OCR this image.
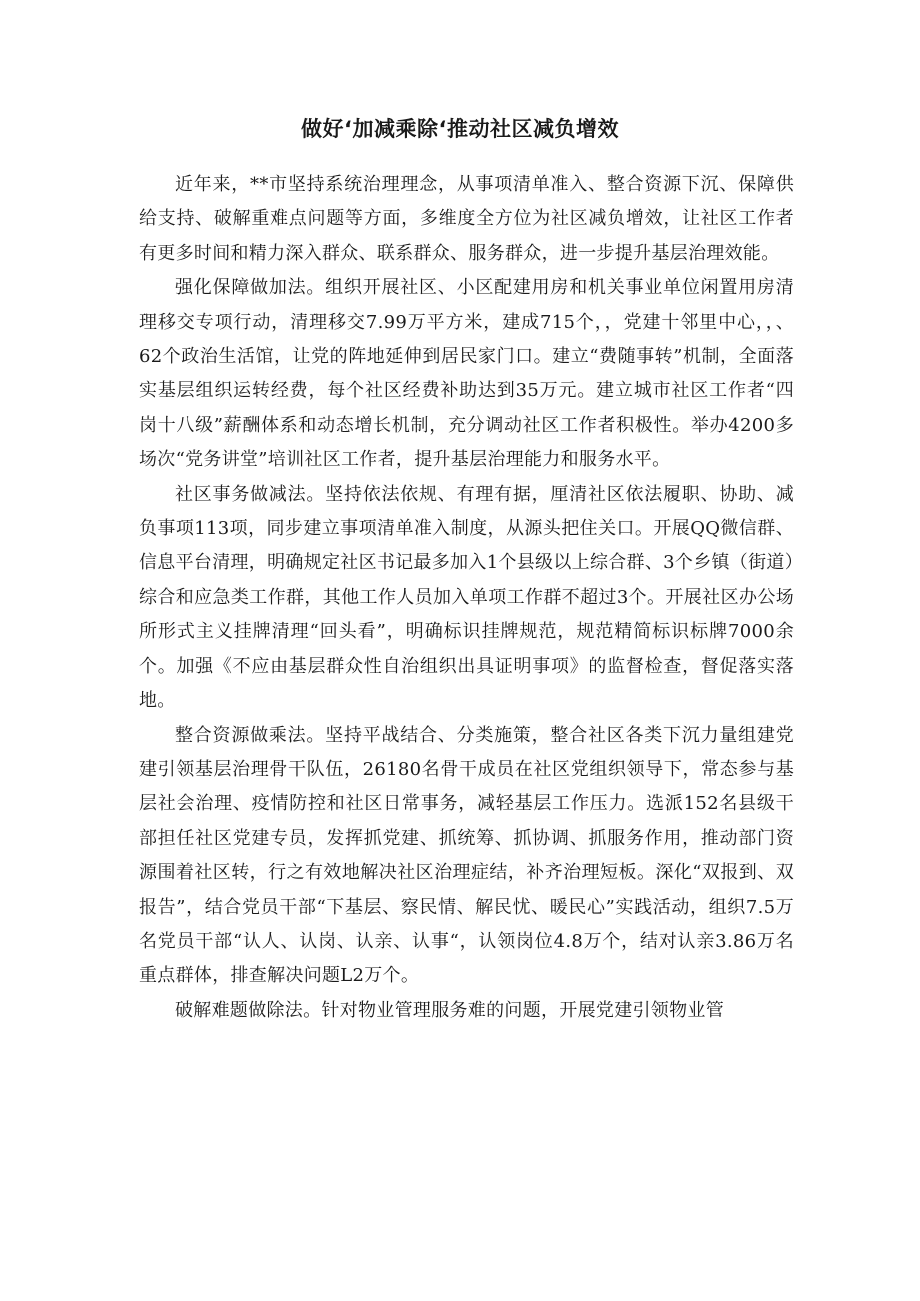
做好‘加减乘除‘推动社区减负增效

近年来，**市坚持系统治理理念，从事项清单准入、整合资源下沉、保障供给支持、破解重难点问题等方面，多维度全方位为社区减负增效，让社区工作者有更多时间和精力深入群众、联系群众、服务群众，进一步提升基层治理效能。

强化保障做加法。组织开展社区、小区配建用房和机关事业单位闲置用房清理移交专项行动，清理移交7.99万平方米，建成715个，，党建十邻里中心，，、62个政治生活馆，让党的阵地延伸到居民家门口。建立“费随事转”机制，全面落实基层组织运转经费，每个社区经费补助达到35万元。建立城市社区工作者“四岗十八级”薪酬体系和动态增长机制，充分调动社区工作者积极性。举办4200多场次“党务讲堂”培训社区工作者，提升基层治理能力和服务水平。

社区事务做减法。坚持依法依规、有理有据，厘清社区依法履职、协助、减负事项113项，同步建立事项清单准入制度，从源头把住关口。开展QQ微信群、信息平台清理，明确规定社区书记最多加入1个县级以上综合群、3个乡镇（街道）综合和应急类工作群，其他工作人员加入单项工作群不超过3个。开展社区办公场所形式主义挂牌清理“回头看”，明确标识挂牌规范，规范精简标识标牌7000余个。加强《不应由基层群众性自治组织出具证明事项》的监督检查，督促落实落地。

整合资源做乘法。坚持平战结合、分类施策，整合社区各类下沉力量组建党建引领基层治理骨干队伍，26180名骨干成员在社区党组织领导下，常态参与基层社会治理、疫情防控和社区日常事务，减轻基层工作压力。选派152名县级干部担任社区党建专员，发挥抓党建、抓统筹、抓协调、抓服务作用，推动部门资源围着社区转，行之有效地解决社区治理症结，补齐治理短板。深化“双报到、双报告”，结合党员干部“下基层、察民情、解民忧、暖民心”实践活动，组织7.5万名党员干部“认人、认岗、认亲、认事“，认领岗位4.8万个，结对认亲3.86万名重点群体，排查解决问题L2万个。

破解难题做除法。针对物业管理服务难的问题，开展党建引领物业管
